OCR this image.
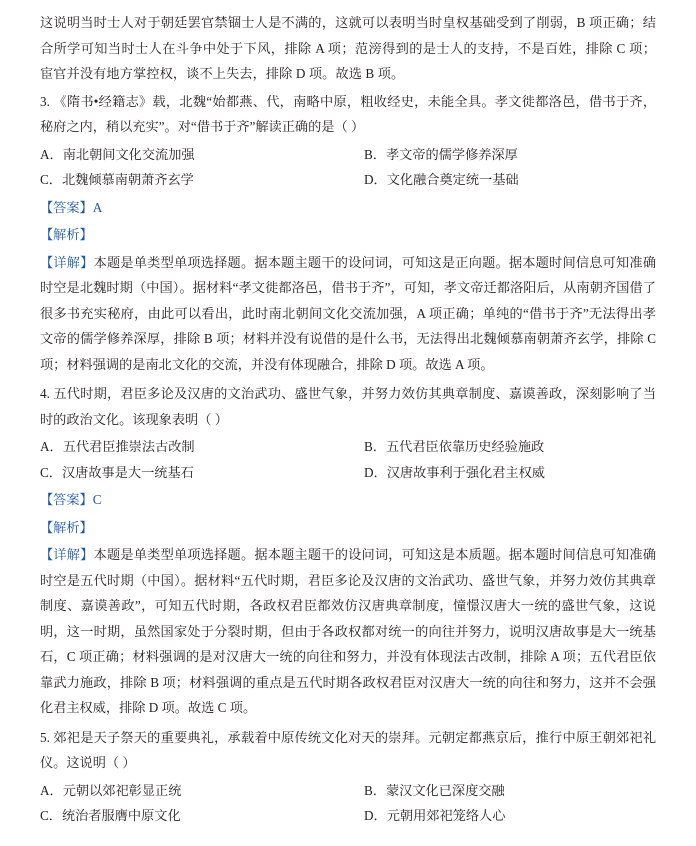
这说明当时士人对于朝廷罢官禁锢士人是不满的，这就可以表明当时皇权基础受到了削弱，B 项正确；结合所学可知当时士人在斗争中处于下风，排除 A 项；范滂得到的是士人的支持，不是百姓，排除 C 项；宦官并没有地方掌控权，谈不上失去，排除 D 项。故选 B 项。

3. 《隋书•经籍志》载，北魏“始都燕、代，南略中原，粗收经史，未能全具。孝文徙都洛邑，借书于齐，秘府之内，稍以充实”。对“借书于齐”解读正确的是（ ）

A．南北朝间文化交流加强	B．孝文帝的儒学修养深厚
C．北魏倾慕南朝萧齐玄学	D．文化融合奠定统一基础

【答案】A

【解析】

【详解】本题是单类型单项选择题。据本题主题干的设问词，可知这是正向题。据本题时间信息可知准确时空是北魏时期（中国）。据材料“孝文徙都洛邑，借书于齐”，可知，孝文帝迁都洛阳后，从南朝齐国借了很多书充实秘府，由此可以看出，此时南北朝间文化交流加强，A 项正确；单纯的“借书于齐”无法得出孝文帝的儒学修养深厚，排除 B 项；材料并没有说借的是什么书，无法得出北魏倾慕南朝萧齐玄学，排除 C 项；材料强调的是南北文化的交流，并没有体现融合，排除 D 项。故选 A 项。

4. 五代时期，君臣多论及汉唐的文治武功、盛世气象，并努力效仿其典章制度、嘉谟善政，深刻影响了当时的政治文化。该现象表明（ ）

A．五代君臣推崇法古改制	B．五代君臣依靠历史经验施政
C．汉唐故事是大一统基石	D．汉唐故事利于强化君主权威

【答案】C

【解析】

【详解】本题是单类型单项选择题。据本题主题干的设问词，可知这是本质题。据本题时间信息可知准确时空是五代时期（中国）。据材料“五代时期，君臣多论及汉唐的文治武功、盛世气象，并努力效仿其典章制度、嘉谟善政”，可知五代时期，各政权君臣都效仿汉唐典章制度，憧憬汉唐大一统的盛世气象，这说明，这一时期，虽然国家处于分裂时期，但由于各政权都对统一的向往并努力，说明汉唐故事是大一统基石，C 项正确；材料强调的是对汉唐大一统的向往和努力，并没有体现法古改制，排除 A 项；五代君臣依靠武力施政，排除 B 项；材料强调的重点是五代时期各政权君臣对汉唐大一统的向往和努力，这并不会强化君主权威，排除 D 项。故选 C 项。

5. 郊祀是天子祭天的重要典礼，承载着中原传统文化对天的崇拜。元朝定都燕京后，推行中原王朝郊祀礼仪。这说明（ ）

A．元朝以郊祀彰显正统	B．蒙汉文化已深度交融
C．统治者服膺中原文化	D．元朝用郊祀笼络人心
